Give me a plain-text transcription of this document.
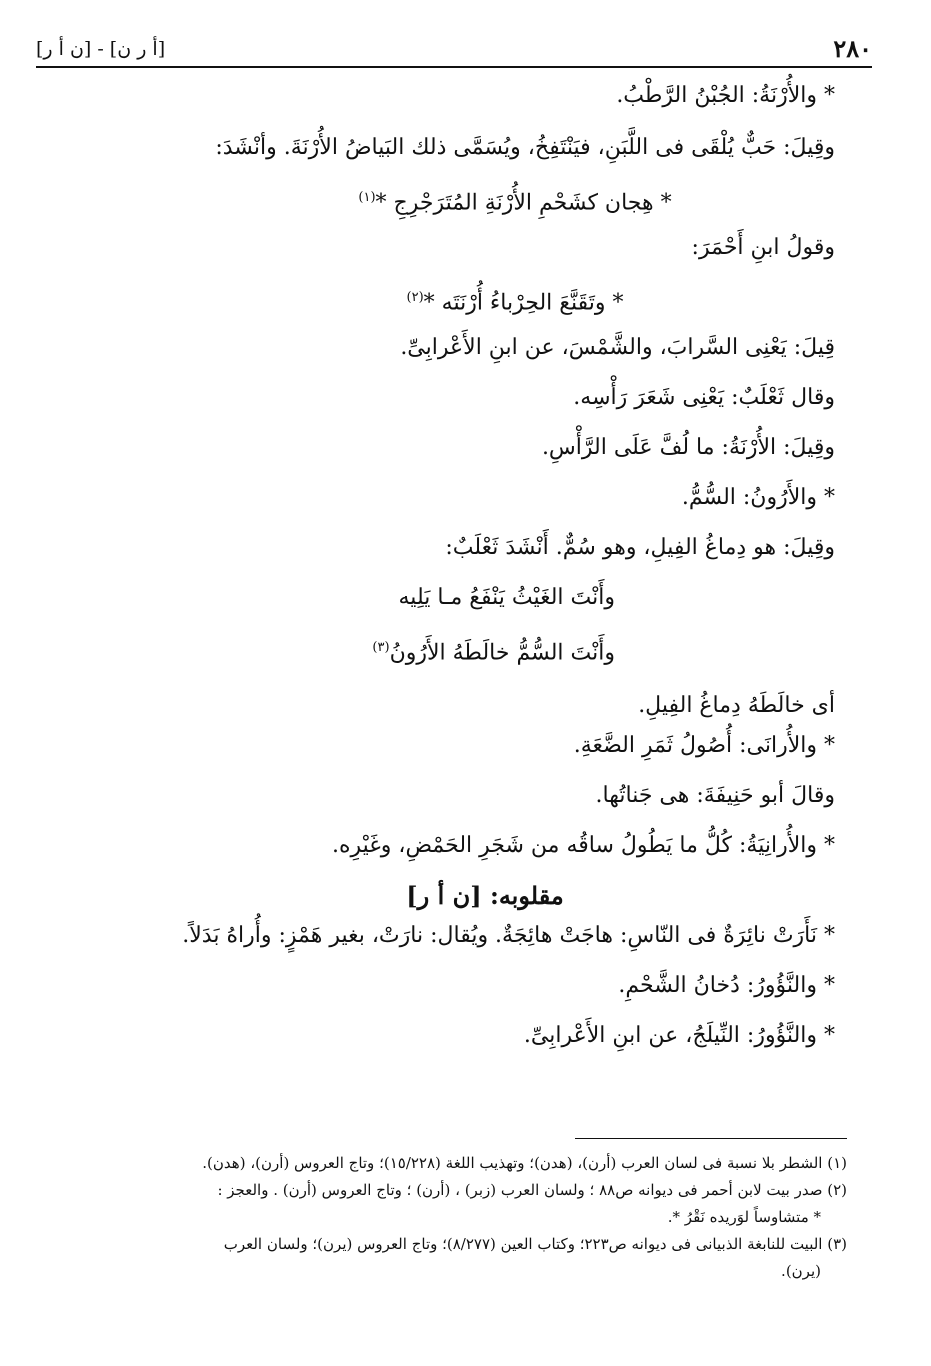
٢٨٠
[أ ر ن] - [ن أ ر]
* والأُرْنَةُ: الجُبْنُ الرَّطْبُ.
وقِيلَ: حَبٌّ يُلْقَى فى اللَّبَنِ، فيَنْتَفِخُ، ويُسَمَّى ذلك البَياضُ الأُرْنَةَ. وأنْشَدَ:
* هِجان كشَحْمِ الأُرْنَةِ المُتَرَجْرِجِ *$^{(١)}$
وقولُ ابنِ أَحْمَرَ:
* وتَقَنَّعَ الحِرْباءُ أُرْنَتَه *$^{(٢)}$
قِيلَ: يَعْنِى السَّرابَ، والشَّمْسَ، عن ابنِ الأَعْرابِىِّ.
وقال ثَعْلَبٌ: يَعْنِى شَعَرَ رَأْسِه.
وقِيلَ: الأُرْنَةُ: ما لُفَّ عَلَى الرَّأْسِ.
* والأَرُونُ: السُّمُّ.
وقِيلَ: هو دِماغُ الفِيلِ، وهو سُمٌّ. أَنْشَدَ ثَعْلَبٌ:
وأَنْتَ الغَيْثُ يَنْفَعُ مـا يَلِيه
وأَنْتَ السُّمُّ خالَطَهُ الأَرُونُ$^{(٣)}$
أى خالَطَهُ دِماغُ الفِيلِ.
* والأُرانَى: أُصُولُ ثَمَرِ الضَّعَةِ.
وقالَ أبو حَنِيفَةَ: هى جَناتُها.
* والأُرانِيَةُ: كُلُّ ما يَطُولُ ساقُه من شَجَرِ الحَمْضِ، وغَيْرِه.
مقلوبه: [ن أ ر]
* نَأَرَتْ نائِرَةٌ فى النّاسِ: هاجَتْ هائِجَةٌ. ويُقال: نارَتْ، بغير هَمْزٍ: وأُراهُ بَدَلاً.
* والنَّؤُورُ: دُخانُ الشَّحْمِ.
* والنَّؤُورُ: النِّيلَجُ، عن ابنِ الأَعْرابِىِّ.
(١) الشطر بلا نسبة فى لسان العرب (أرن)، (هدن)؛ وتهذيب اللغة (١٥/٢٢٨)؛ وتاج العروس (أرن)، (هدن).
(٢) صدر بيت لابن أحمر فى ديوانه ص٨٨ ؛ ولسان العرب (زبر) ، (أرن) ؛ وتاج العروس (أرن) . والعجز :
* متشاوساً لوَريده نَقْرُ *.
(٣) البيت للنابغة الذبيانى فى ديوانه ص٢٢٣؛ وكتاب العين (٨/٢٧٧)؛ وتاج العروس (يرن)؛ ولسان العرب
(يرن).
